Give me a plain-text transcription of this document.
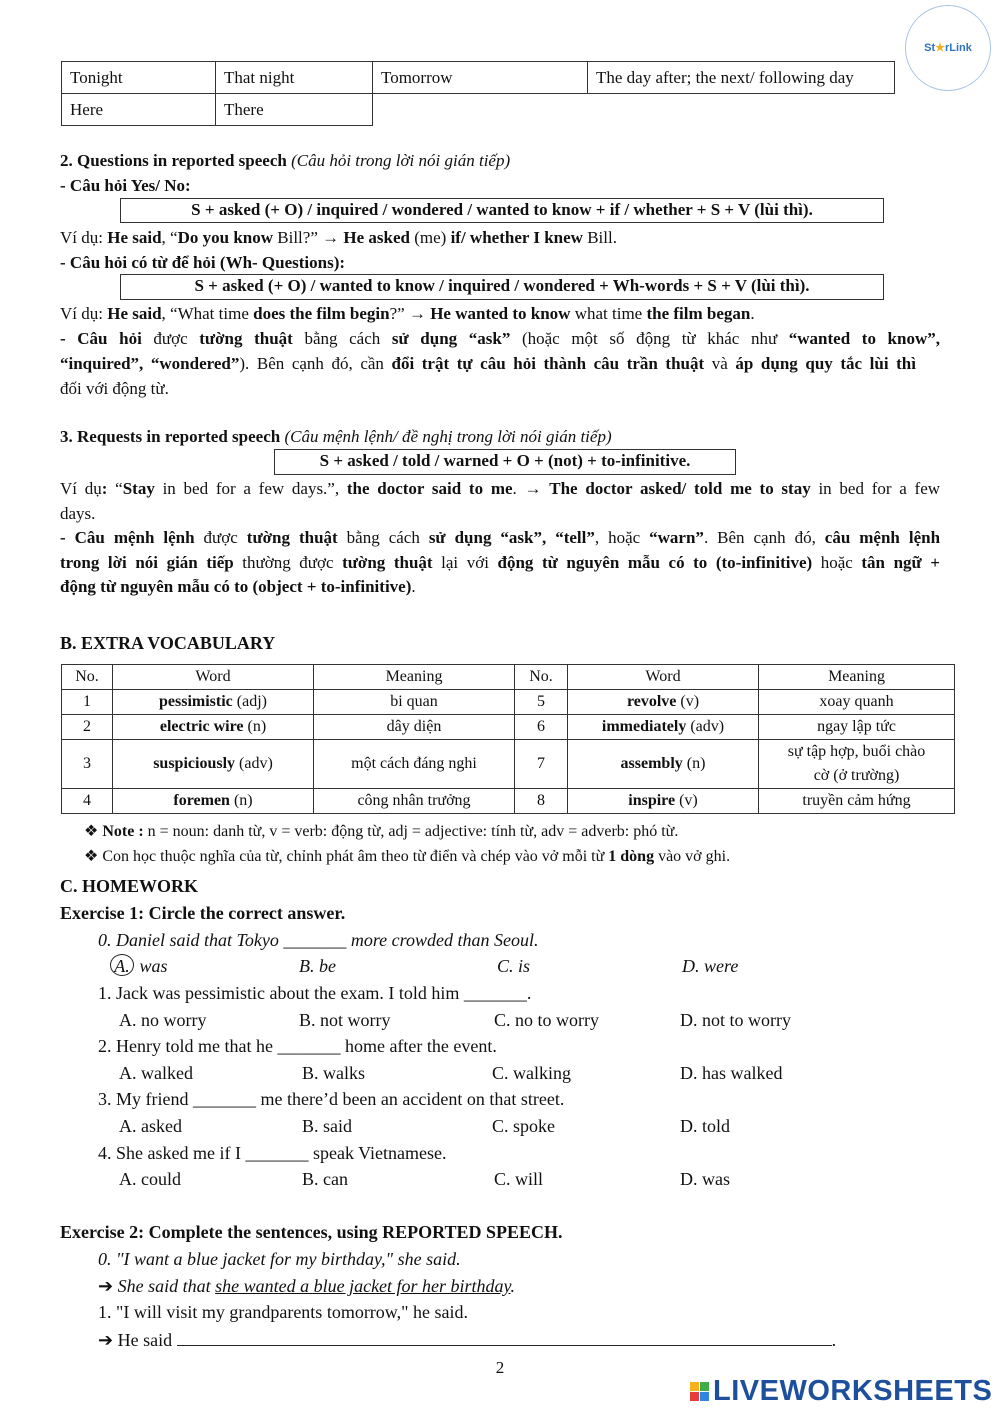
St ★ rLink
Tonight	That night	Tomorrow	The day after; the next/ following day
Here	There		
2. Questions in reported speech (Câu hỏi trong lời nói gián tiếp)
- Câu hỏi Yes/ No:
S + asked (+ O) / inquired / wondered / wanted to know + if / whether + S + V (lùi thì).
Ví dụ: He said, “Do you know Bill?” → He asked (me) if/ whether I knew Bill.
- Câu hỏi có từ để hỏi (Wh- Questions):
S + asked (+ O) / wanted to know / inquired / wondered + Wh-words + S + V (lùi thì).
Ví dụ: He said, “What time does the film begin?” → He wanted to know what time the film began.
- Câu hỏi được tường thuật bằng cách sử dụng “ask” (hoặc một số động từ khác như “wanted to know”,
“inquired”, “wondered”). Bên cạnh đó, cần đổi trật tự câu hỏi thành câu trần thuật và áp dụng quy tắc lùi thì
đối với động từ.
3. Requests in reported speech (Câu mệnh lệnh/ đề nghị trong lời nói gián tiếp)
S + asked / told / warned + O + (not) + to-infinitive.
Ví dụ: “Stay in bed for a few days.”, the doctor said to me. → The doctor asked/ told me to stay in bed for a few
days.
- Câu mệnh lệnh được tường thuật bằng cách sử dụng “ask”, “tell”, hoặc “warn”. Bên cạnh đó, câu mệnh lệnh
trong lời nói gián tiếp thường được tường thuật lại với động từ nguyên mẫu có to (to-infinitive) hoặc tân ngữ +
động từ nguyên mẫu có to (object + to-infinitive).
B. EXTRA VOCABULARY
No.	Word	Meaning	No.	Word	Meaning
1	pessimistic (adj)	bi quan	5	revolve (v)	xoay quanh
2	electric wire (n)	dây diện	6	immediately (adv)	ngay lập tức
3	suspiciously (adv)	một cách đáng nghi	7	assembly (n)	sự tập hợp, buổi chào
cờ (ở trường)
4	foremen (n)	công nhân trưởng	8	inspire (v)	truyền cảm hứng
❖ Note : n = noun: danh từ, v = verb: động từ, adj = adjective: tính từ, adv = adverb: phó từ.
❖ Con học thuộc nghĩa của từ, chỉnh phát âm theo từ điển và chép vào vở mỗi từ 1 dòng vào vở ghi.
C. HOMEWORK
Exercise 1: Circle the correct answer.
0. Daniel said that Tokyo _______ more crowded than Seoul.
A. was	B. be	C. is	D. were
1. Jack was pessimistic about the exam. I told him _______.
A. no worry	B. not worry	C. no to worry	D. not to worry
2. Henry told me that he _______ home after the event.
A. walked	B. walks	C. walking	D. has walked
3. My friend _______ me there’d been an accident on that street.
A. asked	B. said	C. spoke	D. told
4. She asked me if I _______ speak Vietnamese.
A. could	B. can	C. will	D. was
Exercise 2: Complete the sentences, using REPORTED SPEECH.
0. "I want a blue jacket for my birthday," she said.
➔ She said that she wanted a blue jacket for her birthday.
1. "I will visit my grandparents tomorrow," he said.
➔ He said	.
2
LIVEWORKSHEETS
